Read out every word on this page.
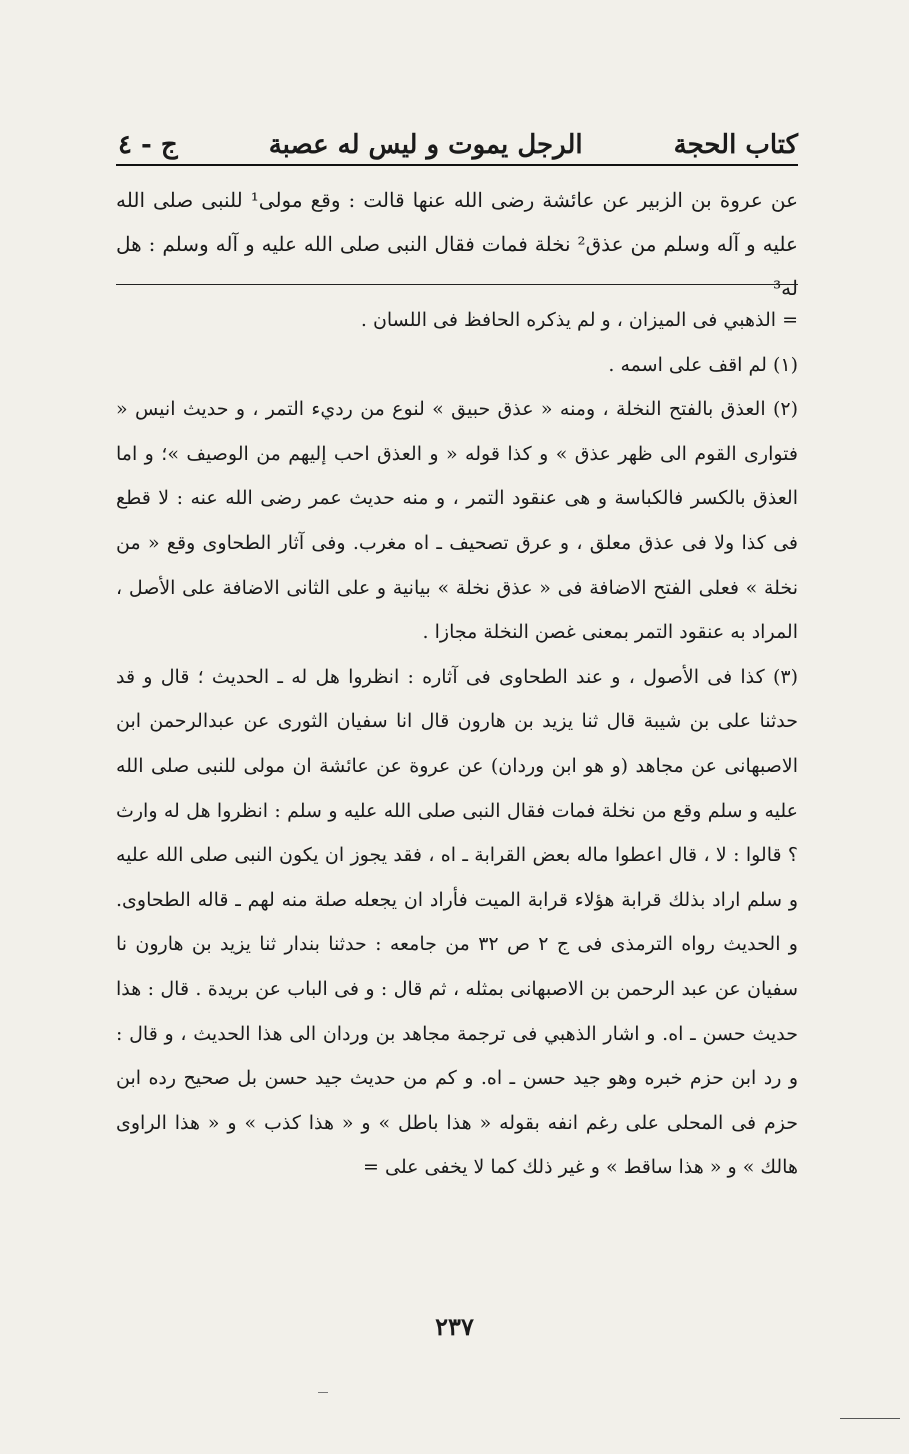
كتاب الحجة
الرجل يموت و ليس له عصبة
ج - ٤

عن عروة بن الزبير عن عائشة رضى الله عنها قالت : وقع مولى¹ للنبى صلى الله عليه و آله وسلم من عذق² نخلة فمات فقال النبى صلى الله عليه و آله وسلم : هل له³

= الذهبي فى الميزان ، و لم يذكره الحافظ فى اللسان .

(١) لم اقف على اسمه .

(٢) العذق بالفتح النخلة ، ومنه « عذق حبيق » لنوع من رديء التمر ، و حديث انيس « فتوارى القوم الى ظهر عذق » و كذا قوله « و العذق احب إليهم من الوصيف »؛ و اما العذق بالكسر فالكباسة و هى عنقود التمر ، و منه حديث عمر رضى الله عنه : لا قطع فى كذا ولا فى عذق معلق ، و عرق تصحيف ـ اه مغرب. وفى آثار الطحاوى وقع « من نخلة » فعلى الفتح الاضافة فى « عذق نخلة » بيانية و على الثانى الاضافة على الأصل ، المراد به عنقود التمر بمعنى غصن النخلة مجازا .

(٣) كذا فى الأصول ، و عند الطحاوى فى آثاره : انظروا هل له ـ الحديث ؛ قال و قد حدثنا على بن شيبة قال ثنا يزيد بن هارون قال انا سفيان الثورى عن عبدالرحمن ابن الاصبهانى عن مجاهد (و هو ابن وردان) عن عروة عن عائشة ان مولى للنبى صلى الله عليه و سلم وقع من نخلة فمات فقال النبى صلى الله عليه و سلم : انظروا هل له وارث ؟ قالوا : لا ، قال اعطوا ماله بعض القرابة ـ اه ، فقد يجوز ان يكون النبى صلى الله عليه و سلم اراد بذلك قرابة هؤلاء قرابة الميت فأراد ان يجعله صلة منه لهم ـ قاله الطحاوى. و الحديث رواه الترمذى فى ج ٢ ص ٣٢ من جامعه : حدثنا بندار ثنا يزيد بن هارون نا سفيان عن عبد الرحمن بن الاصبهانى بمثله ، ثم قال : و فى الباب عن بريدة . قال : هذا حديث حسن ـ اه. و اشار الذهبي فى ترجمة مجاهد بن وردان الى هذا الحديث ، و قال : و رد ابن حزم خبره وهو جيد حسن ـ اه. و كم من حديث جيد حسن بل صحيح رده ابن حزم فى المحلى على رغم انفه بقوله « هذا باطل » و « هذا كذب » و « هذا الراوى هالك » و « هذا ساقط » و غير ذلك كما لا يخفى على =

٢٣٧
